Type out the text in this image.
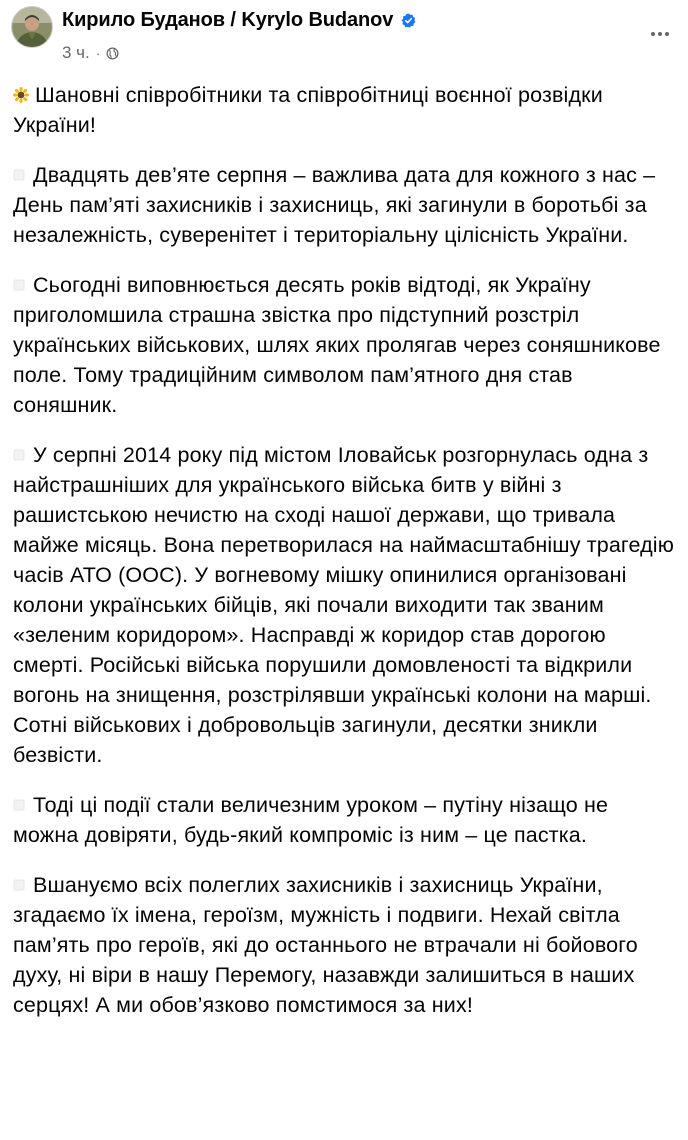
Кирило Буданов / Kyrylo Budanov
3 ч. ·

Шановні співробітники та співробітниці воєнної розвідки України!

Двадцять дев’яте серпня – важлива дата для кожного з нас – День пам’яті захисників і захисниць, які загинули в боротьбі за незалежність, суверенітет і територіальну цілісність України.

Сьогодні виповнюється десять років відтоді, як Україну приголомшила страшна звістка про підступний розстріл українських військових, шлях яких пролягав через соняшникове поле. Тому традиційним символом пам’ятного дня став соняшник.

У серпні 2014 року під містом Іловайськ розгорнулась одна з найстрашніших для українського війська битв у війні з рашистською нечистю на сході нашої держави, що тривала майже місяць. Вона перетворилася на наймасштабнішу трагедію часів АТО (ООС). У вогневому мішку опинилися організовані колони українських бійців, які почали виходити так званим «зеленим коридором». Насправді ж коридор став дорогою смерті. Російські війська порушили домовленості та відкрили вогонь на знищення, розстрілявши українські колони на марші. Сотні військових і добровольців загинули, десятки зникли безвісти.

Тоді ці події стали величезним уроком – путіну нізащо не можна довіряти, будь-який компроміс із ним – це пастка.

Вшануємо всіх полеглих захисників і захисниць України, згадаємо їх імена, героїзм, мужність і подвиги. Нехай світла пам’ять про героїв, які до останнього не втрачали ні бойового духу, ні віри в нашу Перемогу, назавжди залишиться в наших серцях! А ми обов’язково помстимося за них!
